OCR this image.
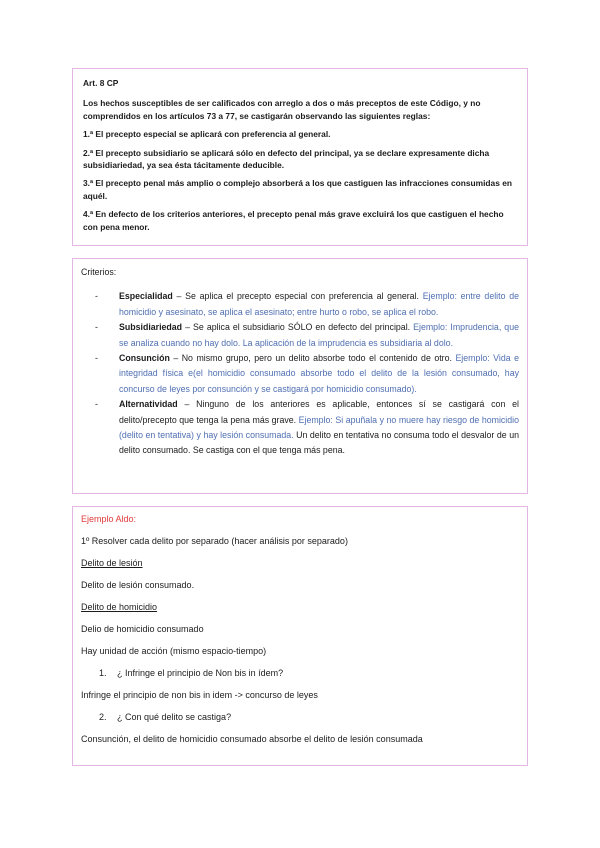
Art. 8 CP

Los hechos susceptibles de ser calificados con arreglo a dos o más preceptos de este Código, y no comprendidos en los artículos 73 a 77, se castigarán observando las siguientes reglas:

1.ª El precepto especial se aplicará con preferencia al general.

2.ª El precepto subsidiario se aplicará sólo en defecto del principal, ya se declare expresamente dicha subsidiariedad, ya sea ésta tácitamente deducible.

3.ª El precepto penal más amplio o complejo absorberá a los que castiguen las infracciones consumidas en aquél.

4.ª En defecto de los criterios anteriores, el precepto penal más grave excluirá los que castiguen el hecho con pena menor.

Criterios:

- Especialidad – Se aplica el precepto especial con preferencia al general. Ejemplo: entre delito de homicidio y asesinato, se aplica el asesinato; entre hurto o robo, se aplica el robo.
- Subsidiariedad – Se aplica el subsidiario SÓLO en defecto del principal. Ejemplo: Imprudencia, que se analiza cuando no hay dolo. La aplicación de la imprudencia es subsidiaria al dolo.
- Consunción – No mismo grupo, pero un delito absorbe todo el contenido de otro. Ejemplo: Vida e integridad física e(el homicidio consumado absorbe todo el delito de la lesión consumado, hay concurso de leyes por consunción y se castigará por homicidio consumado).
- Alternatividad – Ninguno de los anteriores es aplicable, entonces sí se castigará con el delito/precepto que tenga la pena más grave. Ejemplo: Si apuñala y no muere hay riesgo de homicidio (delito en tentativa) y hay lesión consumada. Un delito en tentativa no consuma todo el desvalor de un delito consumado. Se castiga con el que tenga más pena.

Ejemplo Aldo:

1º Resolver cada delito por separado (hacer análisis por separado)

Delito de lesión

Delito de lesión consumado.

Delito de homicidio

Delio de homicidio consumado

Hay unidad de acción (mismo espacio-tiempo)

1. ¿ Infringe el principio de Non bis in ídem?

Infringe el principio de non bis in idem -> concurso de leyes

2. ¿ Con qué delito se castiga?

Consunción, el delito de homicidio consumado absorbe el delito de lesión consumada
